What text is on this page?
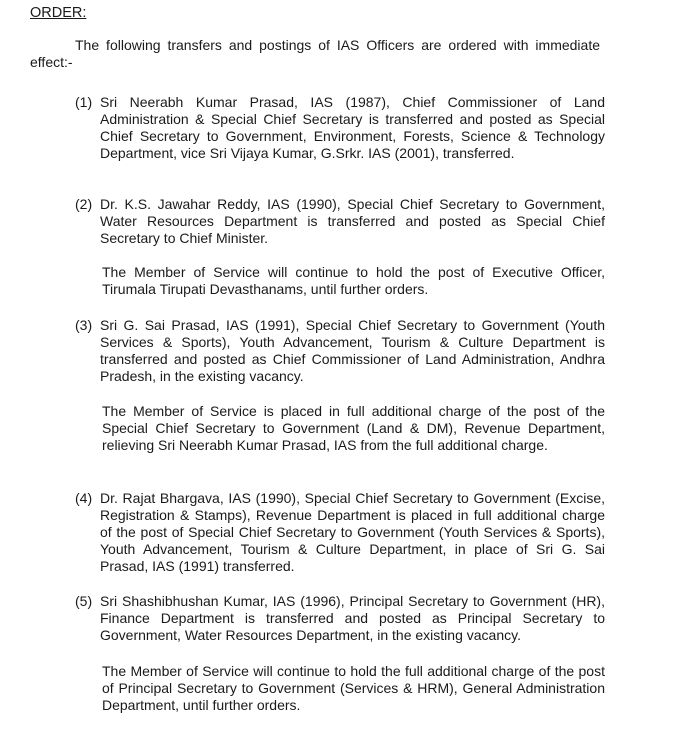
ORDER:
The following transfers and postings of IAS Officers are ordered with immediate effect:-
(1) Sri Neerabh Kumar Prasad, IAS (1987), Chief Commissioner of Land Administration & Special Chief Secretary is transferred and posted as Special Chief Secretary to Government, Environment, Forests, Science & Technology Department, vice Sri Vijaya Kumar, G.Srkr. IAS (2001), transferred.
(2) Dr. K.S. Jawahar Reddy, IAS (1990), Special Chief Secretary to Government, Water Resources Department is transferred and posted as Special Chief Secretary to Chief Minister.
The Member of Service will continue to hold the post of Executive Officer, Tirumala Tirupati Devasthanams, until further orders.
(3) Sri G. Sai Prasad, IAS (1991), Special Chief Secretary to Government (Youth Services & Sports), Youth Advancement, Tourism & Culture Department is transferred and posted as Chief Commissioner of Land Administration, Andhra Pradesh, in the existing vacancy.
The Member of Service is placed in full additional charge of the post of the Special Chief Secretary to Government (Land & DM), Revenue Department, relieving Sri Neerabh Kumar Prasad, IAS from the full additional charge.
(4) Dr. Rajat Bhargava, IAS (1990), Special Chief Secretary to Government (Excise, Registration & Stamps), Revenue Department is placed in full additional charge of the post of Special Chief Secretary to Government (Youth Services & Sports), Youth Advancement, Tourism & Culture Department, in place of Sri G. Sai Prasad, IAS (1991) transferred.
(5) Sri Shashibhushan Kumar, IAS (1996), Principal Secretary to Government (HR), Finance Department is transferred and posted as Principal Secretary to Government, Water Resources Department, in the existing vacancy.
The Member of Service will continue to hold the full additional charge of the post of Principal Secretary to Government (Services & HRM), General Administration Department, until further orders.
